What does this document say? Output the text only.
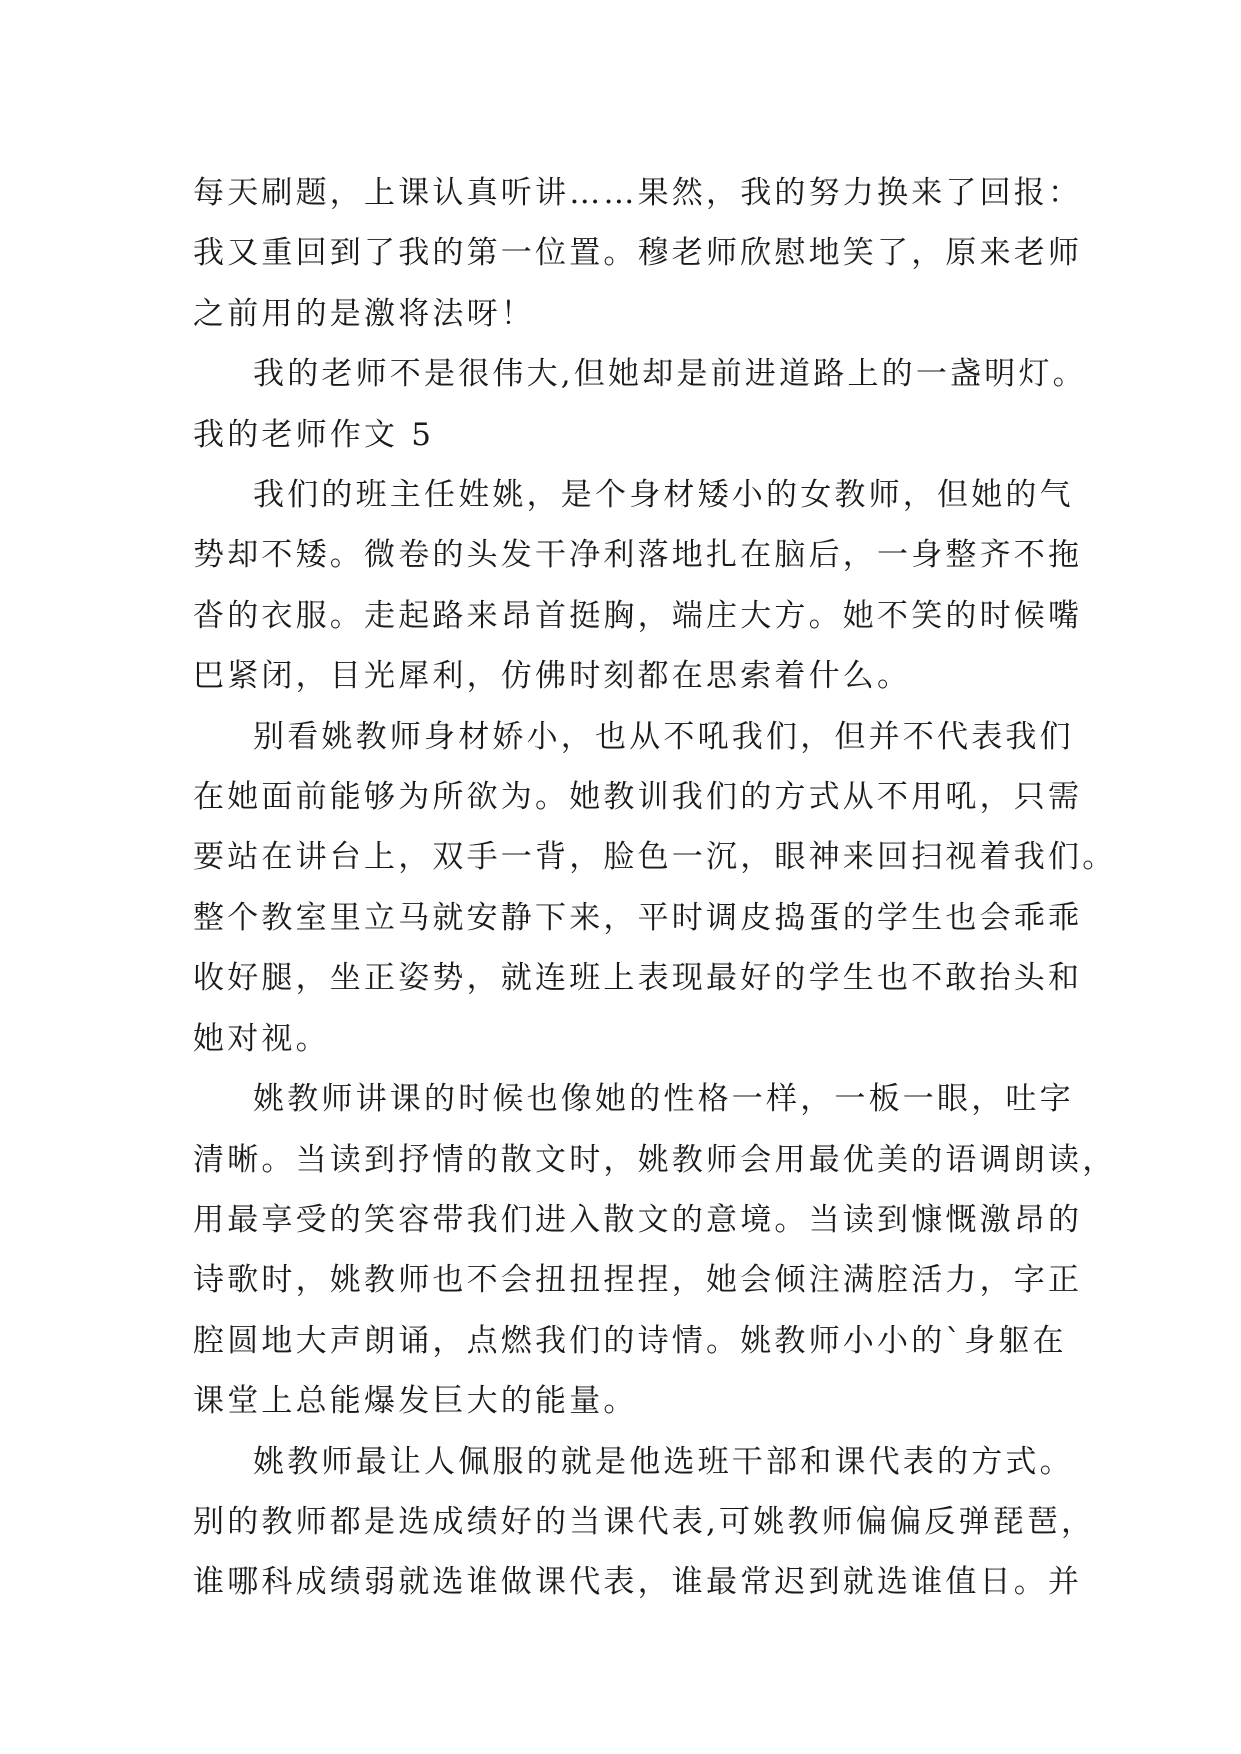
每天刷题，上课认真听讲……果然，我的努力换来了回报：
我又重回到了我的第一位置。穆老师欣慰地笑了，原来老师
之前用的是激将法呀！
我的老师不是很伟大,但她却是前进道路上的一盏明灯。
我的老师作文 5
我们的班主任姓姚，是个身材矮小的女教师，但她的气
势却不矮。微卷的头发干净利落地扎在脑后，一身整齐不拖
沓的衣服。走起路来昂首挺胸，端庄大方。她不笑的时候嘴
巴紧闭，目光犀利，仿佛时刻都在思索着什么。
别看姚教师身材娇小，也从不吼我们，但并不代表我们
在她面前能够为所欲为。她教训我们的方式从不用吼，只需
要站在讲台上，双手一背，脸色一沉，眼神来回扫视着我们。
整个教室里立马就安静下来，平时调皮捣蛋的学生也会乖乖
收好腿，坐正姿势，就连班上表现最好的学生也不敢抬头和
她对视。
姚教师讲课的时候也像她的性格一样，一板一眼，吐字
清晰。当读到抒情的散文时，姚教师会用最优美的语调朗读，
用最享受的笑容带我们进入散文的意境。当读到慷慨激昂的
诗歌时，姚教师也不会扭扭捏捏，她会倾注满腔活力，字正
腔圆地大声朗诵，点燃我们的诗情。姚教师小小的`身躯在
课堂上总能爆发巨大的能量。
姚教师最让人佩服的就是他选班干部和课代表的方式。
别的教师都是选成绩好的当课代表,可姚教师偏偏反弹琵琶，
谁哪科成绩弱就选谁做课代表，谁最常迟到就选谁值日。并
